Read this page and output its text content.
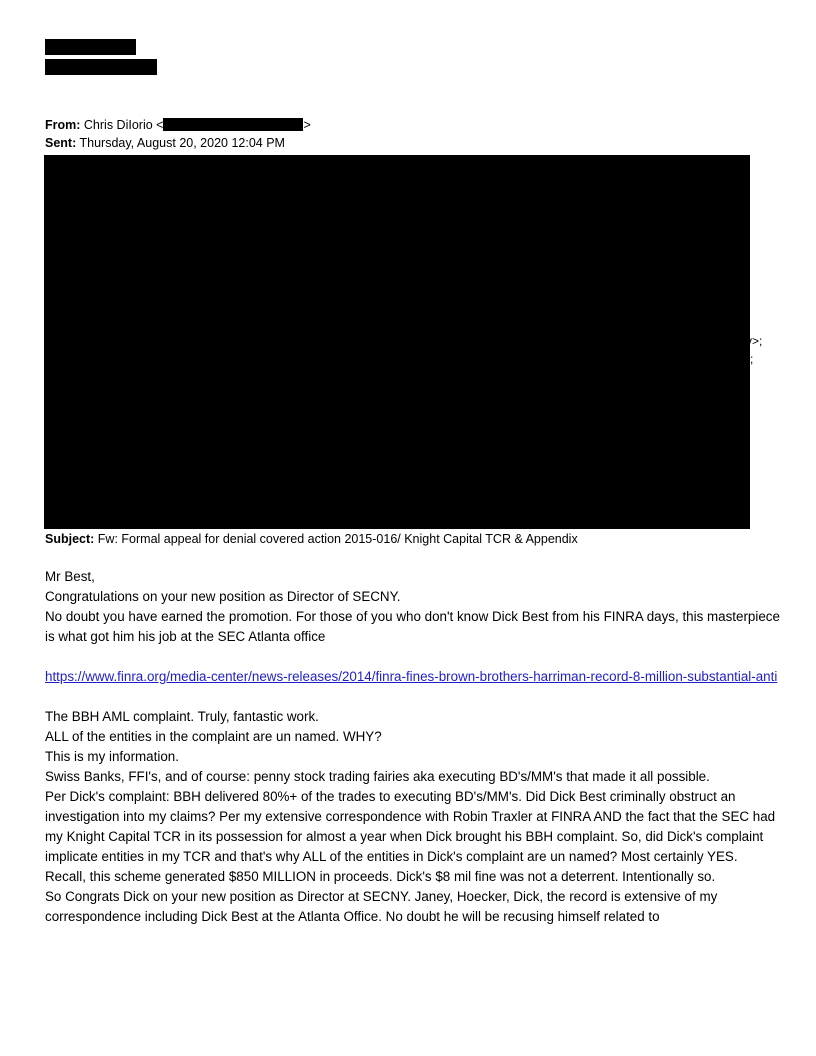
From: Chris DiIorio <	>
Sent: Thursday, August 20, 2020 12:04 PM
v>;
;
Subject: Fw: Formal appeal for denial covered action 2015-016/ Knight Capital TCR & Appendix

Mr Best,

Congratulations on your new position as Director of SECNY.

No doubt you have earned the promotion. For those of you who don't know Dick Best from his FINRA days, this masterpiece is what got him his job at the SEC Atlanta office

https://www.finra.org/media-center/news-releases/2014/finra-fines-brown-brothers-harriman-record-8-million-substantial-anti

The BBH AML complaint. Truly, fantastic work.

ALL of the entities in the complaint are un named. WHY?

This is my information.

Swiss Banks, FFI's, and of course: penny stock trading fairies aka executing BD's/MM's that made it all possible.

Per Dick's complaint: BBH delivered 80%+ of the trades to executing BD's/MM's. Did Dick Best criminally obstruct an investigation into my claims? Per my extensive correspondence with Robin Traxler at FINRA AND the fact that the SEC had my Knight Capital TCR in its possession for almost a year when Dick brought his BBH complaint. So, did Dick's complaint implicate entities in my TCR and that's why ALL of the entities in Dick's complaint are un named? Most certainly YES.

Recall, this scheme generated $850 MILLION in proceeds. Dick's $8 mil fine was not a deterrent. Intentionally so.

So Congrats Dick on your new position as Director at SECNY. Janey, Hoecker, Dick, the record is extensive of my correspondence including Dick Best at the Atlanta Office. No doubt he will be recusing himself related to
